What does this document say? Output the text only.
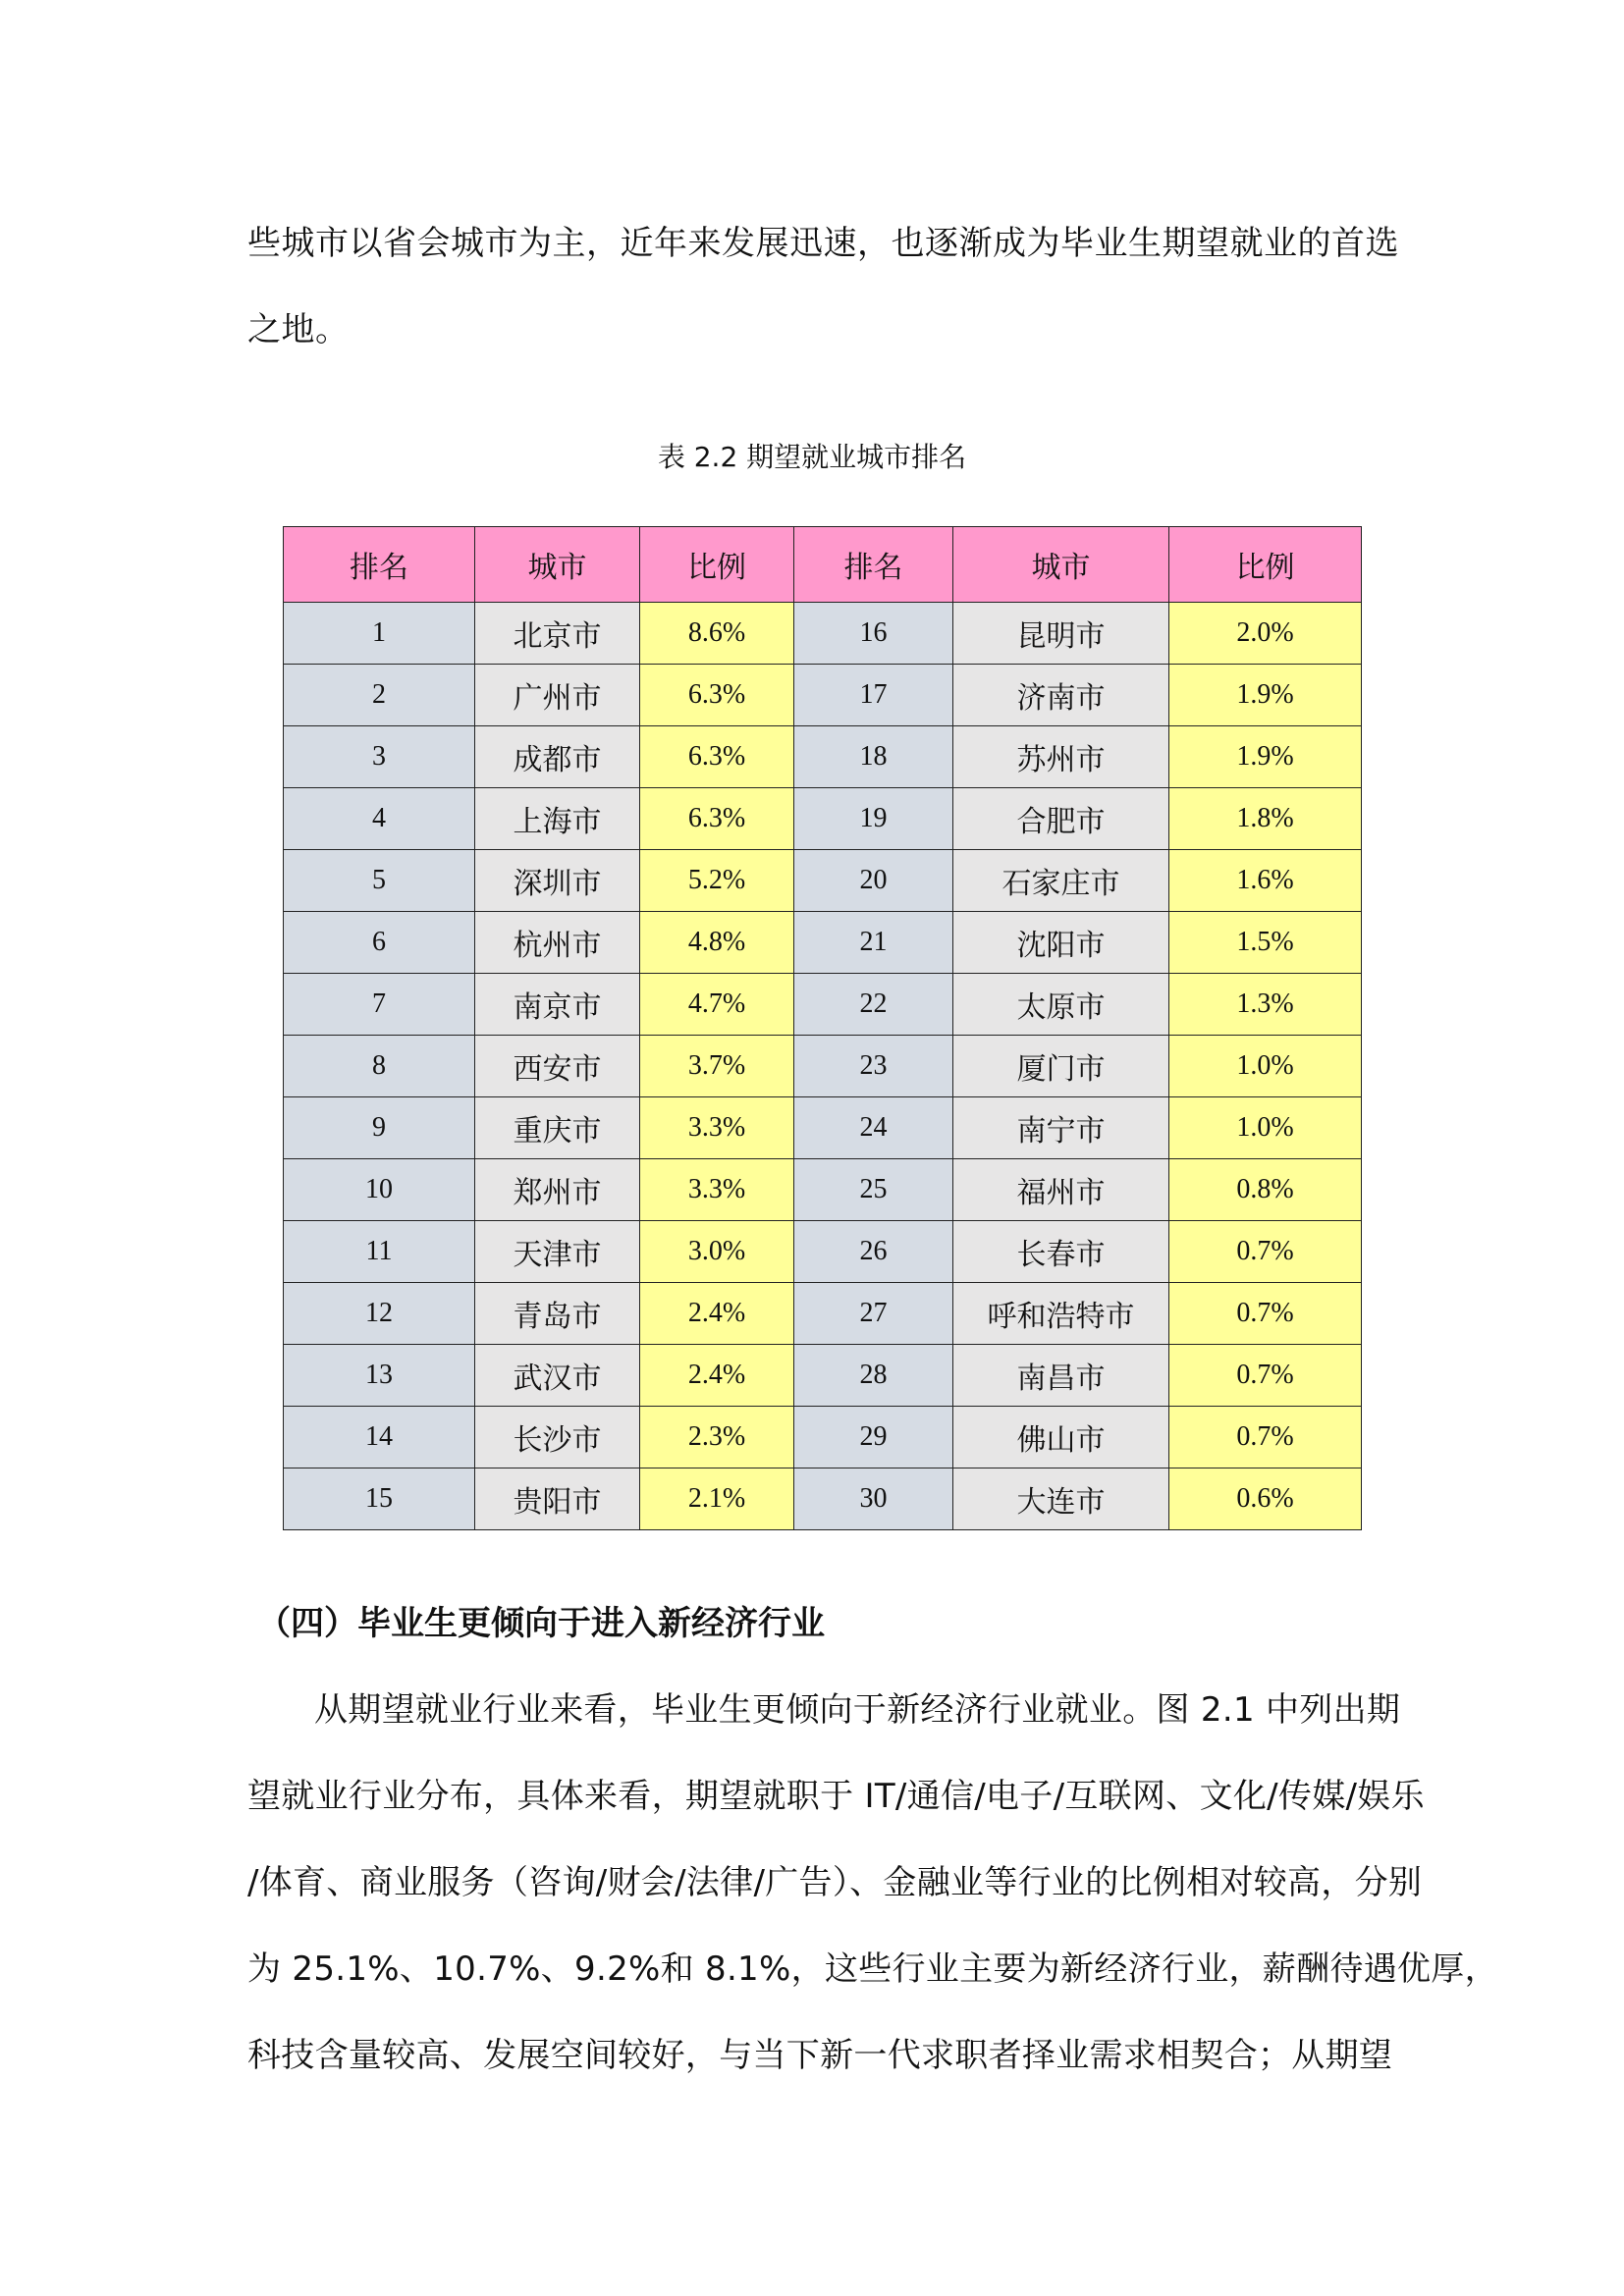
些城市以省会城市为主，近年来发展迅速，也逐渐成为毕业生期望就业的首选
之地。
表 2.2 期望就业城市排名
排名	城市	比例	排名	城市	比例
1	北京市	8.6%	16	昆明市	2.0%
2	广州市	6.3%	17	济南市	1.9%
3	成都市	6.3%	18	苏州市	1.9%
4	上海市	6.3%	19	合肥市	1.8%
5	深圳市	5.2%	20	石家庄市	1.6%
6	杭州市	4.8%	21	沈阳市	1.5%
7	南京市	4.7%	22	太原市	1.3%
8	西安市	3.7%	23	厦门市	1.0%
9	重庆市	3.3%	24	南宁市	1.0%
10	郑州市	3.3%	25	福州市	0.8%
11	天津市	3.0%	26	长春市	0.7%
12	青岛市	2.4%	27	呼和浩特市	0.7%
13	武汉市	2.4%	28	南昌市	0.7%
14	长沙市	2.3%	29	佛山市	0.7%
15	贵阳市	2.1%	30	大连市	0.6%
（四）毕业生更倾向于进入新经济行业
从期望就业行业来看，毕业生更倾向于新经济行业就业。图 2.1 中列出期
望就业行业分布，具体来看，期望就职于 IT/通信/电子/互联网、文化/传媒/娱乐
/体育、商业服务（咨询/财会/法律/广告）、金融业等行业的比例相对较高，分别
为 25.1%、10.7%、9.2%和 8.1%，这些行业主要为新经济行业，薪酬待遇优厚，
科技含量较高、发展空间较好，与当下新一代求职者择业需求相契合；从期望
